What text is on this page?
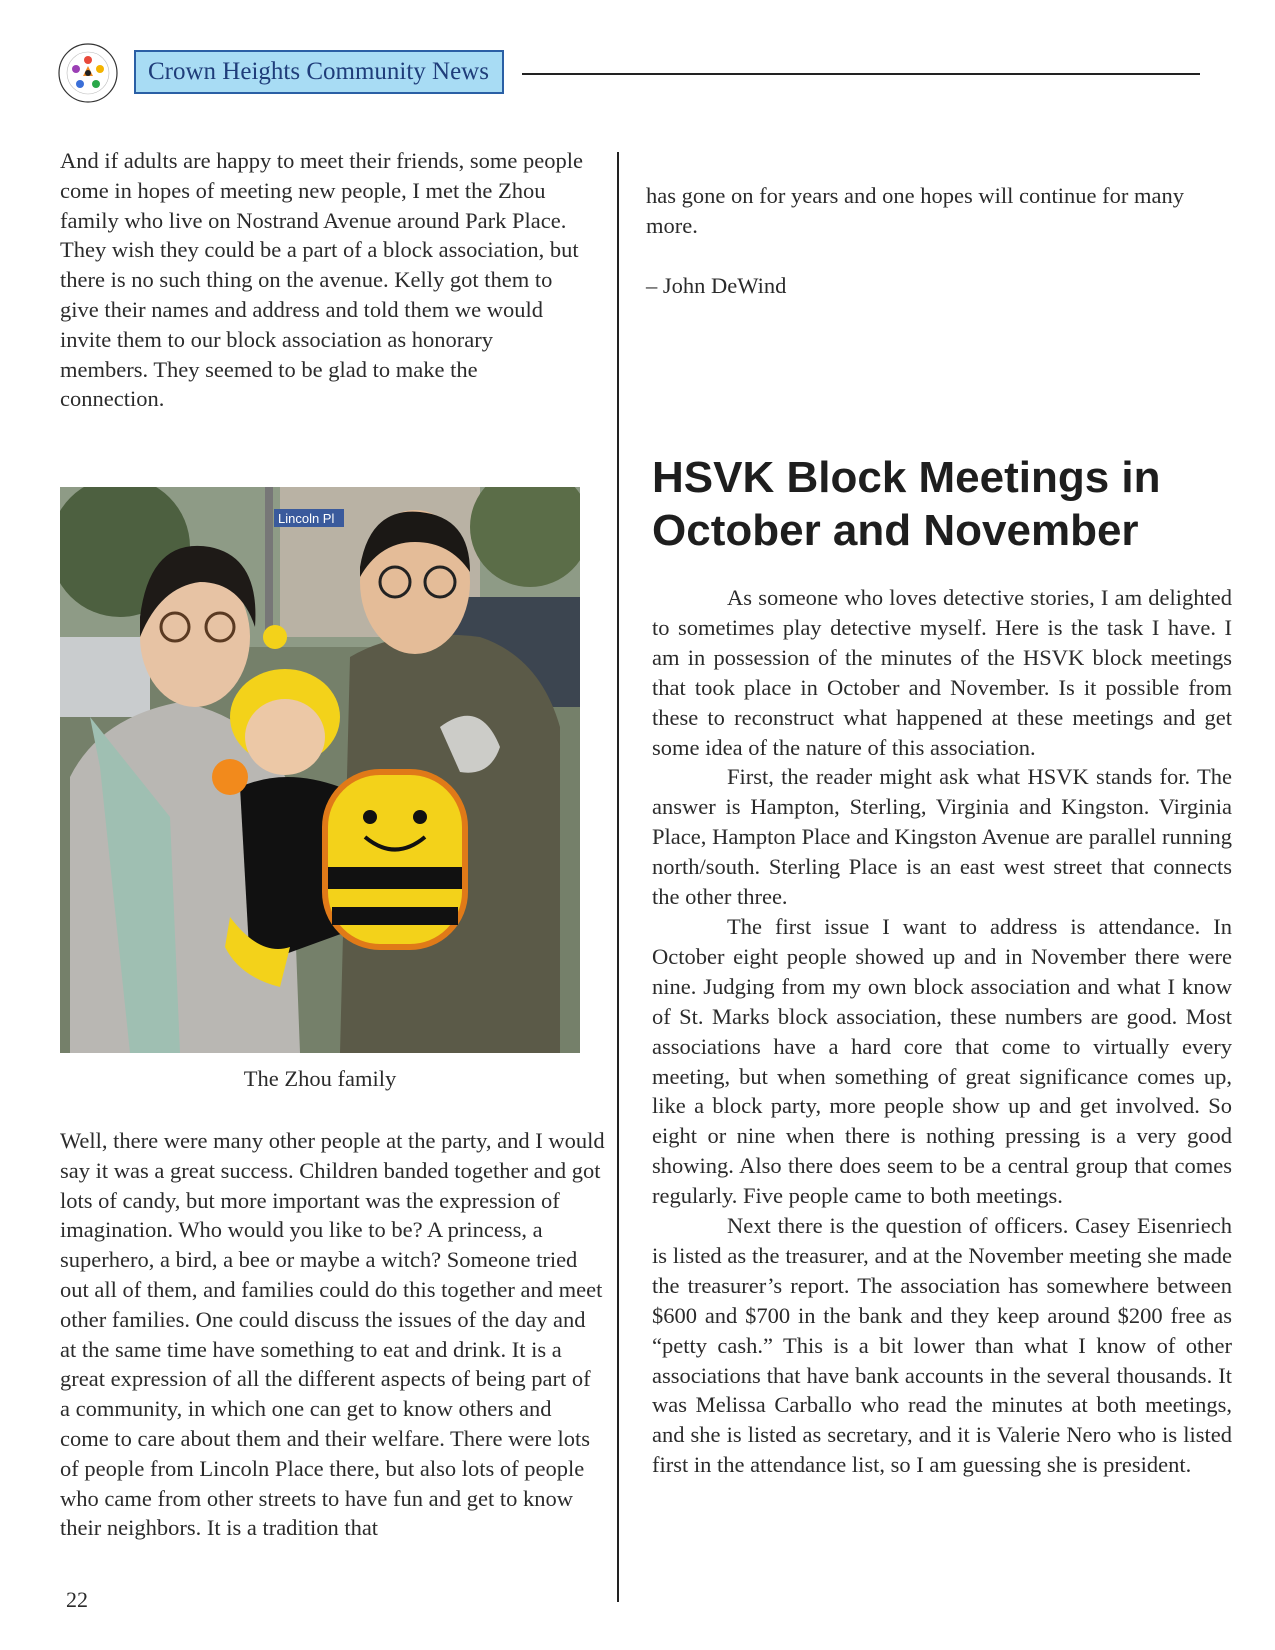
Crown Heights Community News

And if adults are happy to meet their friends, some people come in hopes of meeting new people, I met the Zhou family who live on Nostrand Avenue around Park Place. They wish they could be a part of a block association, but there is no such thing on the avenue. Kelly got them to give their names and address and told them we would invite them to our block association as honorary members. They seemed to be glad to make the connection.

Lincoln Pl
The Zhou family

Well, there were many other people at the party, and I would say it was a great success. Children banded together and got lots of candy, but more important was the expression of imagination. Who would you like to be? A princess, a superhero, a bird, a bee or maybe a witch? Someone tried out all of them, and families could do this together and meet other families. One could discuss the issues of the day and at the same time have something to eat and drink. It is a great expression of all the different aspects of being part of a community, in which one can get to know others and come to care about them and their welfare. There were lots of people from Lincoln Place there, but also lots of people who came from other streets to have fun and get to know their neighbors. It is a tradition that

has gone on for years and one hopes will continue for many more.

– John DeWind

HSVK Block Meetings in October and November

As someone who loves detective stories, I am delighted to sometimes play detective myself. Here is the task I have. I am in possession of the minutes of the HSVK block meetings that took place in October and November. Is it possible from these to reconstruct what happened at these meetings and get some idea of the nature of this association.

First, the reader might ask what HSVK stands for. The answer is Hampton, Sterling, Virginia and Kingston. Virginia Place, Hampton Place and Kingston Avenue are parallel running north/south. Sterling Place is an east west street that connects the other three.

The first issue I want to address is attendance. In October eight people showed up and in November there were nine. Judging from my own block association and what I know of St. Marks block association, these numbers are good. Most associations have a hard core that come to virtually every meeting, but when something of great significance comes up, like a block party, more people show up and get involved. So eight or nine when there is nothing pressing is a very good showing. Also there does seem to be a central group that comes regularly. Five people came to both meetings.

Next there is the question of officers. Casey Eisenriech is listed as the treasurer, and at the November meeting she made the treasurer’s report. The association has somewhere between $600 and $700 in the bank and they keep around $200 free as “petty cash.” This is a bit lower than what I know of other associations that have bank accounts in the several thousands. It was Melissa Carballo who read the minutes at both meetings, and she is listed as secretary, and it is Valerie Nero who is listed first in the attendance list, so I am guessing she is president.

22
